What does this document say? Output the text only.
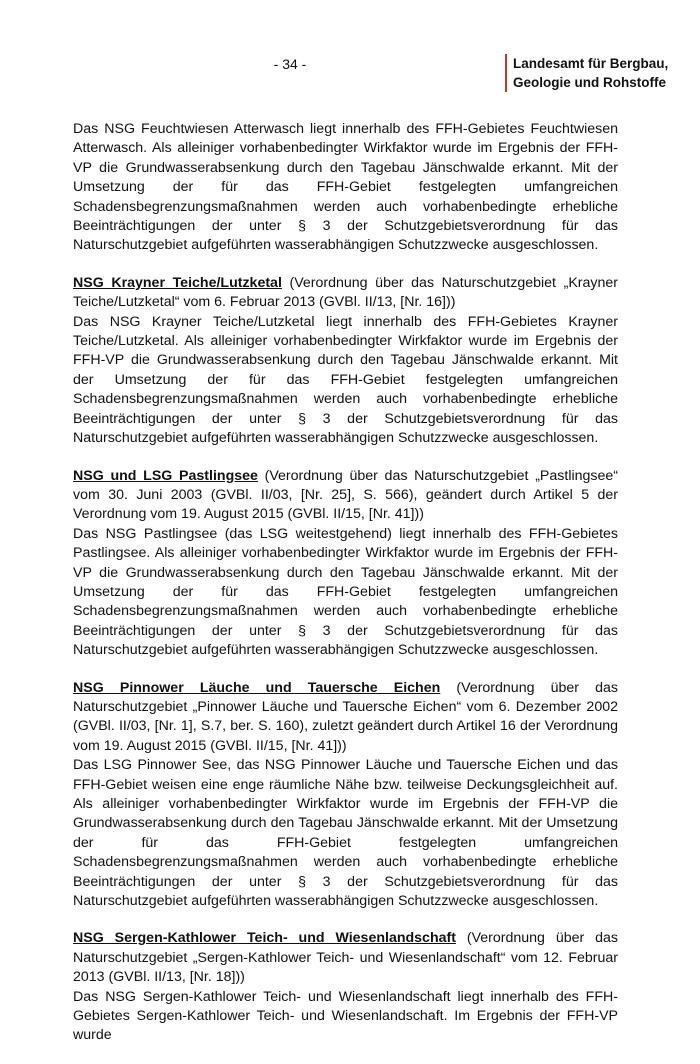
- 34 -	Landesamt für Bergbau,
Geologie und Rohstoffe

Das NSG Feuchtwiesen Atterwasch liegt innerhalb des FFH-Gebietes Feuchtwiesen Atterwasch. Als alleiniger vorhabenbedingter Wirkfaktor wurde im Ergebnis der FFH-VP die Grundwasserabsenkung durch den Tagebau Jänschwalde erkannt. Mit der Umsetzung der für das FFH-Gebiet festgelegten umfangreichen Schadensbegrenzungsmaßnahmen werden auch vorhabenbedingte erhebliche Beeinträchtigungen der unter § 3 der Schutzgebietsverordnung für das Naturschutzgebiet aufgeführten wasserabhängigen Schutzzwecke ausgeschlossen.

NSG Krayner Teiche/Lutzketal (Verordnung über das Naturschutzgebiet „Krayner Teiche/Lutzketal“ vom 6. Februar 2013 (GVBl. II/13, [Nr. 16]))
Das NSG Krayner Teiche/Lutzketal liegt innerhalb des FFH-Gebietes Krayner Teiche/Lutzketal. Als alleiniger vorhabenbedingter Wirkfaktor wurde im Ergebnis der FFH-VP die Grundwasserabsenkung durch den Tagebau Jänschwalde erkannt. Mit der Umsetzung der für das FFH-Gebiet festgelegten umfangreichen Schadensbegrenzungsmaßnahmen werden auch vorhabenbedingte erhebliche Beeinträchtigungen der unter § 3 der Schutzgebietsverordnung für das Naturschutzgebiet aufgeführten wasserabhängigen Schutzzwecke ausgeschlossen.
NSG und LSG Pastlingsee (Verordnung über das Naturschutzgebiet „Pastlingsee“ vom 30. Juni 2003 (GVBl. II/03, [Nr. 25], S. 566), geändert durch Artikel 5 der Verordnung vom 19. August 2015 (GVBl. II/15, [Nr. 41]))
Das NSG Pastlingsee (das LSG weitestgehend) liegt innerhalb des FFH-Gebietes Pastlingsee. Als alleiniger vorhabenbedingter Wirkfaktor wurde im Ergebnis der FFH-VP die Grundwasserabsenkung durch den Tagebau Jänschwalde erkannt. Mit der Umsetzung der für das FFH-Gebiet festgelegten umfangreichen Schadensbegrenzungsmaßnahmen werden auch vorhabenbedingte erhebliche Beeinträchtigungen der unter § 3 der Schutzgebietsverordnung für das Naturschutzgebiet aufgeführten wasserabhängigen Schutzzwecke ausgeschlossen.
NSG Pinnower Läuche und Tauersche Eichen (Verordnung über das Naturschutzgebiet „Pinnower Läuche und Tauersche Eichen“ vom 6. Dezember 2002 (GVBl. II/03, [Nr. 1], S.7, ber. S. 160), zuletzt geändert durch Artikel 16 der Verordnung vom 19. August 2015 (GVBl. II/15, [Nr. 41]))
Das LSG Pinnower See, das NSG Pinnower Läuche und Tauersche Eichen und das FFH-Gebiet weisen eine enge räumliche Nähe bzw. teilweise Deckungsgleichheit auf. Als alleiniger vorhabenbedingter Wirkfaktor wurde im Ergebnis der FFH-VP die Grundwasserabsenkung durch den Tagebau Jänschwalde erkannt. Mit der Umsetzung der für das FFH-Gebiet festgelegten umfangreichen Schadensbegrenzungsmaßnahmen werden auch vorhabenbedingte erhebliche Beeinträchtigungen der unter § 3 der Schutzgebietsverordnung für das Naturschutzgebiet aufgeführten wasserabhängigen Schutzzwecke ausgeschlossen.
NSG Sergen-Kathlower Teich- und Wiesenlandschaft (Verordnung über das Naturschutzgebiet „Sergen-Kathlower Teich- und Wiesenlandschaft“ vom 12. Februar 2013 (GVBl. II/13, [Nr. 18]))
Das NSG Sergen-Kathlower Teich- und Wiesenlandschaft liegt innerhalb des FFH-Gebietes Sergen-Kathlower Teich- und Wiesenlandschaft. Im Ergebnis der FFH-VP wurde
